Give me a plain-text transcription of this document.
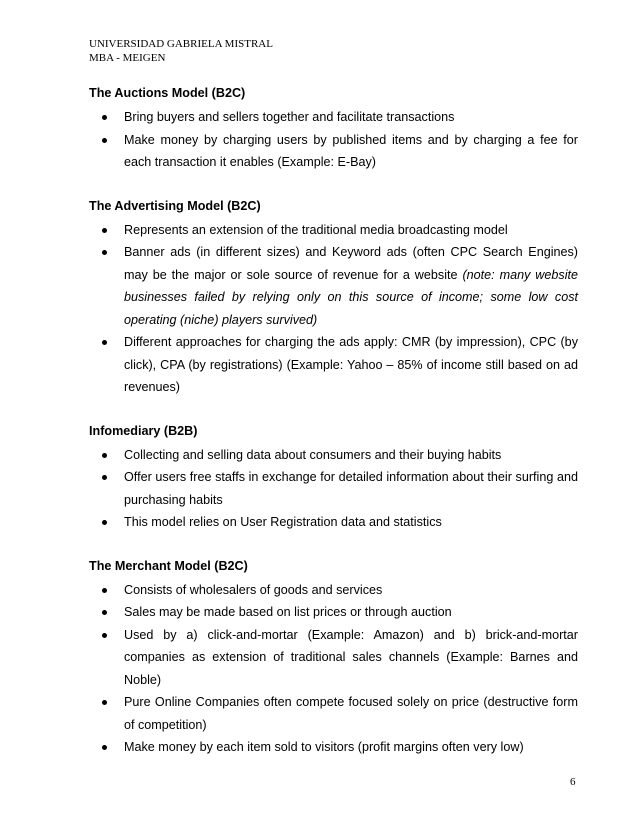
UNIVERSIDAD GABRIELA MISTRAL
MBA - MEIGEN
The Auctions Model (B2C)
Bring buyers and sellers together and facilitate transactions
Make money by charging users by published items and by charging a fee for each transaction it enables (Example: E-Bay)
The Advertising Model (B2C)
Represents an extension of the traditional media broadcasting model
Banner ads (in different sizes) and Keyword ads (often CPC Search Engines) may be the major or sole source of revenue for a website (note: many website businesses failed by relying only on this source of income; some low cost operating (niche) players survived)
Different approaches for charging the ads apply: CMR (by impression), CPC (by click), CPA (by registrations) (Example: Yahoo – 85% of income still based on ad revenues)
Infomediary (B2B)
Collecting and selling data about consumers and their buying habits
Offer users free staffs in exchange for detailed information about their surfing and purchasing habits
This model relies on User Registration data and statistics
The Merchant Model (B2C)
Consists of wholesalers of goods and services
Sales may be made based on list prices or through auction
Used by a) click-and-mortar (Example: Amazon) and b) brick-and-mortar companies as extension of traditional sales channels (Example: Barnes and Noble)
Pure Online Companies often compete focused solely on price (destructive form of competition)
Make money by each item sold to visitors (profit margins often very low)
6
